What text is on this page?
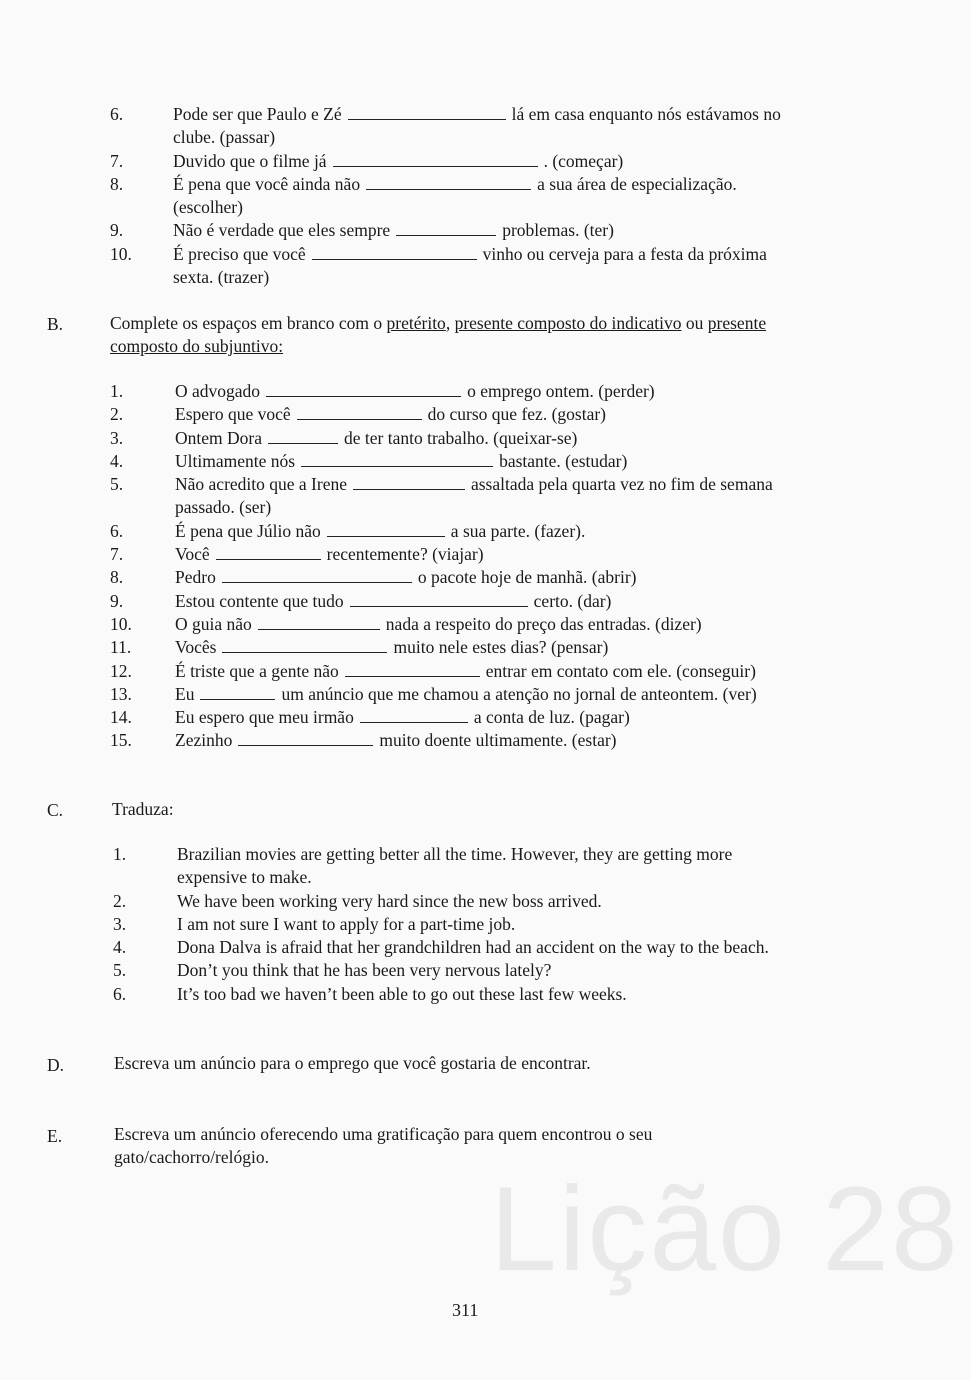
Lição 28
6.	Pode ser que Paulo e Zé	lá em casa enquanto nós estávamos no
clube. (passar)
7.	Duvido que o filme já	. (começar)
8.	É pena que você ainda não	a sua área de especialização.
(escolher)
9.	Não é verdade que eles sempre	problemas. (ter)
10.	É preciso que você	vinho ou cerveja para a festa da próxima
sexta. (trazer)
B.	Complete os espaços em branco com o pretérito, presente composto do indicativo ou presente
composto do subjuntivo:
1.	O advogado	o emprego ontem. (perder)
2.	Espero que você	do curso que fez. (gostar)
3.	Ontem Dora	de ter tanto trabalho. (queixar-se)
4.	Ultimamente nós	bastante. (estudar)
5.	Não acredito que a Irene	assaltada pela quarta vez no fim de semana
passado. (ser)
6.	É pena que Júlio não	a sua parte. (fazer).
7.	Você	recentemente? (viajar)
8.	Pedro	o pacote hoje de manhã. (abrir)
9.	Estou contente que tudo	certo. (dar)
10.	O guia não	nada a respeito do preço das entradas. (dizer)
11.	Vocês	muito nele estes dias? (pensar)
12.	É triste que a gente não	entrar em contato com ele. (conseguir)
13.	Eu	um anúncio que me chamou a atenção no jornal de anteontem. (ver)
14.	Eu espero que meu irmão	a conta de luz. (pagar)
15.	Zezinho	muito doente ultimamente. (estar)
C.	Traduza:
1.	Brazilian movies are getting better all the time. However, they are getting more
expensive to make.
2.	We have been working very hard since the new boss arrived.
3.	I am not sure I want to apply for a part-time job.
4.	Dona Dalva is afraid that her grandchildren had an accident on the way to the beach.
5.	Don’t you think that he has been very nervous lately?
6.	It’s too bad we haven’t been able to go out these last few weeks.
D.	Escreva um anúncio para o emprego que você gostaria de encontrar.
E.	Escreva um anúncio oferecendo uma gratificação para quem encontrou o seu
gato/cachorro/relógio.
311
